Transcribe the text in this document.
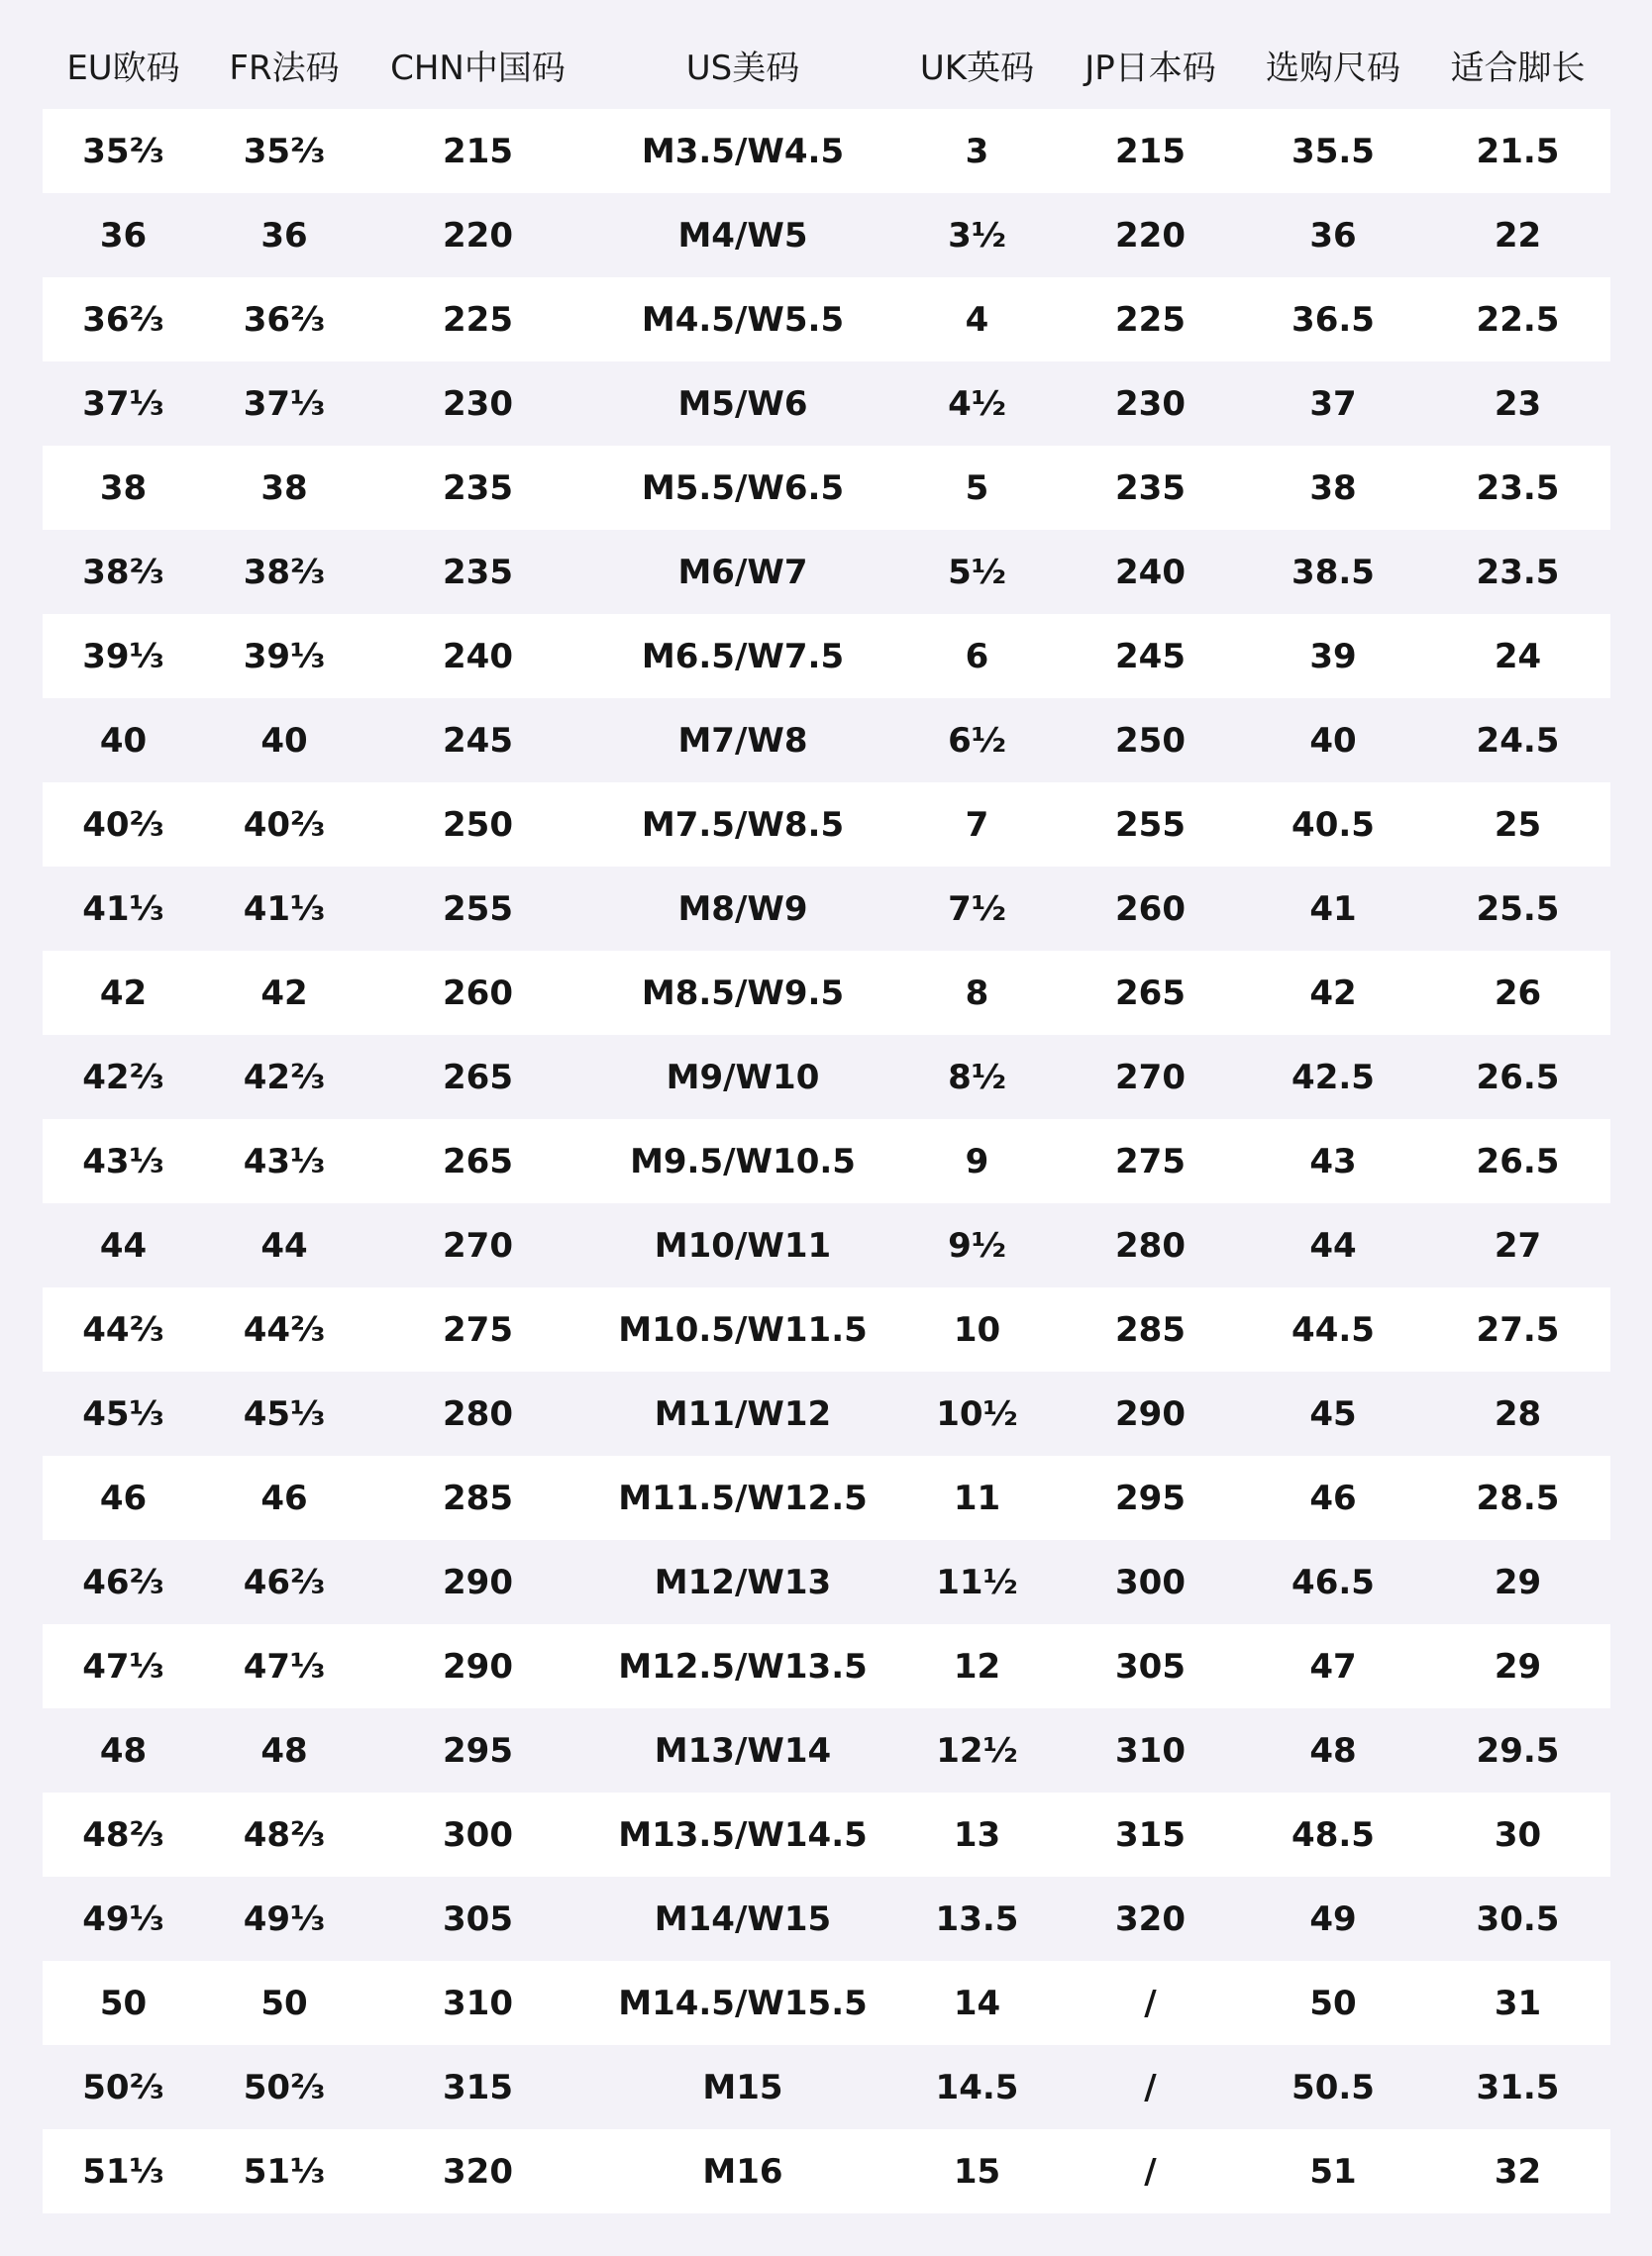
EU欧码	FR法码	CHN中国码	US美码	UK英码	JP日本码	选购尺码	适合脚长
35⅔	35⅔	215	M3.5/W4.5	3	215	35.5	21.5
36	36	220	M4/W5	3½	220	36	22
36⅔	36⅔	225	M4.5/W5.5	4	225	36.5	22.5
37⅓	37⅓	230	M5/W6	4½	230	37	23
38	38	235	M5.5/W6.5	5	235	38	23.5
38⅔	38⅔	235	M6/W7	5½	240	38.5	23.5
39⅓	39⅓	240	M6.5/W7.5	6	245	39	24
40	40	245	M7/W8	6½	250	40	24.5
40⅔	40⅔	250	M7.5/W8.5	7	255	40.5	25
41⅓	41⅓	255	M8/W9	7½	260	41	25.5
42	42	260	M8.5/W9.5	8	265	42	26
42⅔	42⅔	265	M9/W10	8½	270	42.5	26.5
43⅓	43⅓	265	M9.5/W10.5	9	275	43	26.5
44	44	270	M10/W11	9½	280	44	27
44⅔	44⅔	275	M10.5/W11.5	10	285	44.5	27.5
45⅓	45⅓	280	M11/W12	10½	290	45	28
46	46	285	M11.5/W12.5	11	295	46	28.5
46⅔	46⅔	290	M12/W13	11½	300	46.5	29
47⅓	47⅓	290	M12.5/W13.5	12	305	47	29
48	48	295	M13/W14	12½	310	48	29.5
48⅔	48⅔	300	M13.5/W14.5	13	315	48.5	30
49⅓	49⅓	305	M14/W15	13.5	320	49	30.5
50	50	310	M14.5/W15.5	14	/	50	31
50⅔	50⅔	315	M15	14.5	/	50.5	31.5
51⅓	51⅓	320	M16	15	/	51	32
